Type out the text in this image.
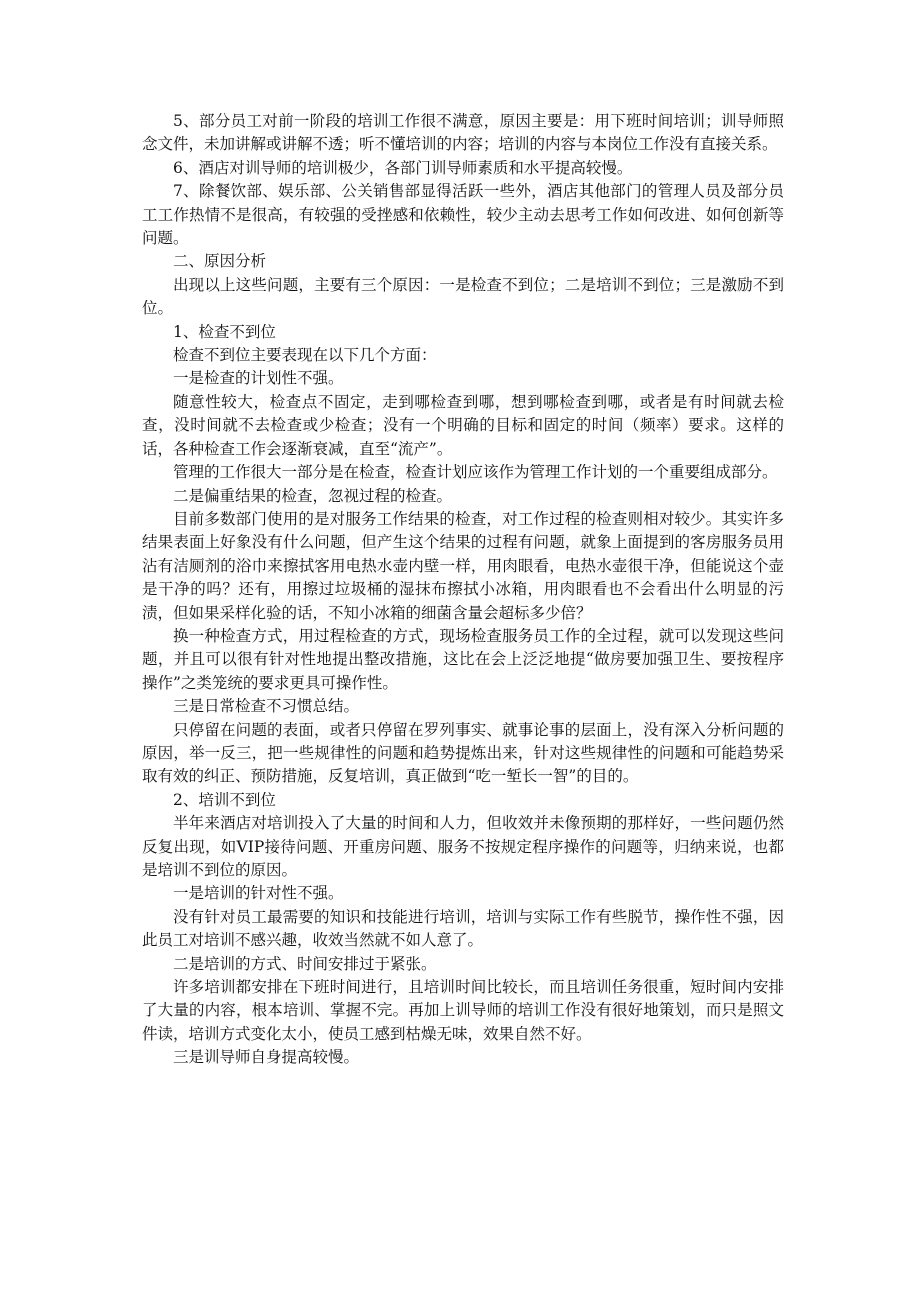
5、部分员工对前一阶段的培训工作很不满意，原因主要是：用下班时间培训；训导师照念文件，未加讲解或讲解不透；听不懂培训的内容；培训的内容与本岗位工作没有直接关系。

6、酒店对训导师的培训极少，各部门训导师素质和水平提高较慢。

7、除餐饮部、娱乐部、公关销售部显得活跃一些外，酒店其他部门的管理人员及部分员工工作热情不是很高，有较强的受挫感和依赖性，较少主动去思考工作如何改进、如何创新等问题。

二、原因分析

出现以上这些问题，主要有三个原因：一是检查不到位；二是培训不到位；三是激励不到位。

1、检查不到位

检查不到位主要表现在以下几个方面：

一是检查的计划性不强。

随意性较大，检查点不固定，走到哪检查到哪，想到哪检查到哪，或者是有时间就去检查，没时间就不去检查或少检查；没有一个明确的目标和固定的时间（频率）要求。这样的话，各种检查工作会逐渐衰减，直至“流产”。

管理的工作很大一部分是在检查，检查计划应该作为管理工作计划的一个重要组成部分。

二是偏重结果的检查，忽视过程的检查。

目前多数部门使用的是对服务工作结果的检查，对工作过程的检查则相对较少。其实许多结果表面上好象没有什么问题，但产生这个结果的过程有问题，就象上面提到的客房服务员用沾有洁厕剂的浴巾来擦拭客用电热水壶内壁一样，用肉眼看，电热水壶很干净，但能说这个壶是干净的吗？还有，用擦过垃圾桶的湿抹布擦拭小冰箱，用肉眼看也不会看出什么明显的污渍，但如果采样化验的话，不知小冰箱的细菌含量会超标多少倍？

换一种检查方式，用过程检查的方式，现场检查服务员工作的全过程，就可以发现这些问题，并且可以很有针对性地提出整改措施，这比在会上泛泛地提“做房要加强卫生、要按程序操作”之类笼统的要求更具可操作性。

三是日常检查不习惯总结。

只停留在问题的表面，或者只停留在罗列事实、就事论事的层面上，没有深入分析问题的原因，举一反三，把一些规律性的问题和趋势提炼出来，针对这些规律性的问题和可能趋势采取有效的纠正、预防措施，反复培训，真正做到“吃一堑长一智”的目的。

2、培训不到位

半年来酒店对培训投入了大量的时间和人力，但收效并未像预期的那样好，一些问题仍然反复出现，如VIP接待问题、开重房问题、服务不按规定程序操作的问题等，归纳来说，也都是培训不到位的原因。

一是培训的针对性不强。

没有针对员工最需要的知识和技能进行培训，培训与实际工作有些脱节，操作性不强，因此员工对培训不感兴趣，收效当然就不如人意了。

二是培训的方式、时间安排过于紧张。

许多培训都安排在下班时间进行，且培训时间比较长，而且培训任务很重，短时间内安排了大量的内容，根本培训、掌握不完。再加上训导师的培训工作没有很好地策划，而只是照文件读，培训方式变化太小，使员工感到枯燥无味，效果自然不好。

三是训导师自身提高较慢。
